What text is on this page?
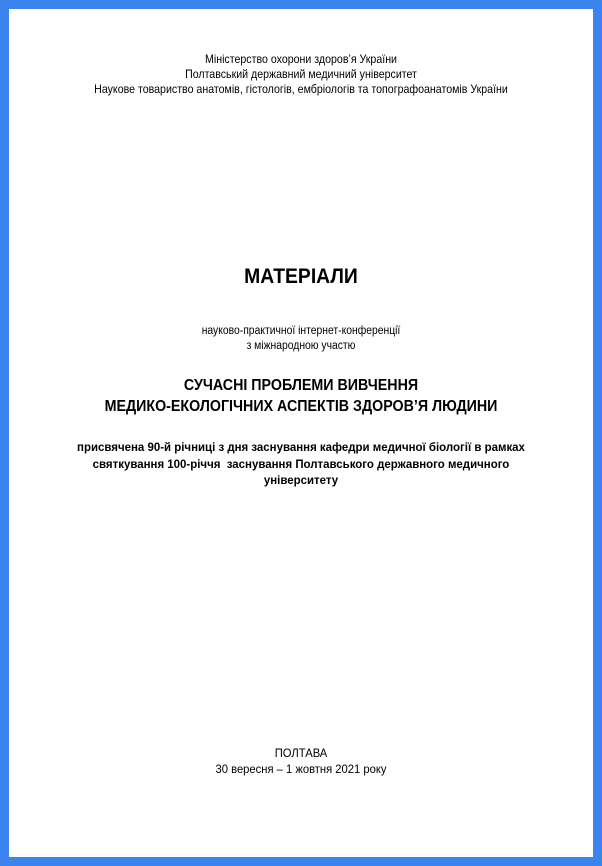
Міністерство охорони здоров’я України
Полтавський державний медичний університет
Наукове товариство анатомів, гістологів, ембріологів та топографоанатомів України
МАТЕРІАЛИ
науково-практичної інтернет-конференції
з міжнародною участю
СУЧАСНІ ПРОБЛЕМИ ВИВЧЕННЯ
МЕДИКО-ЕКОЛОГІЧНИХ АСПЕКТІВ ЗДОРОВ’Я ЛЮДИНИ
присвячена 90-й річниці з дня заснування кафедри медичної біології в рамках
святкування 100-річчя  заснування Полтавського державного медичного
університету
ПОЛТАВА
30 вересня – 1 жовтня 2021 року
